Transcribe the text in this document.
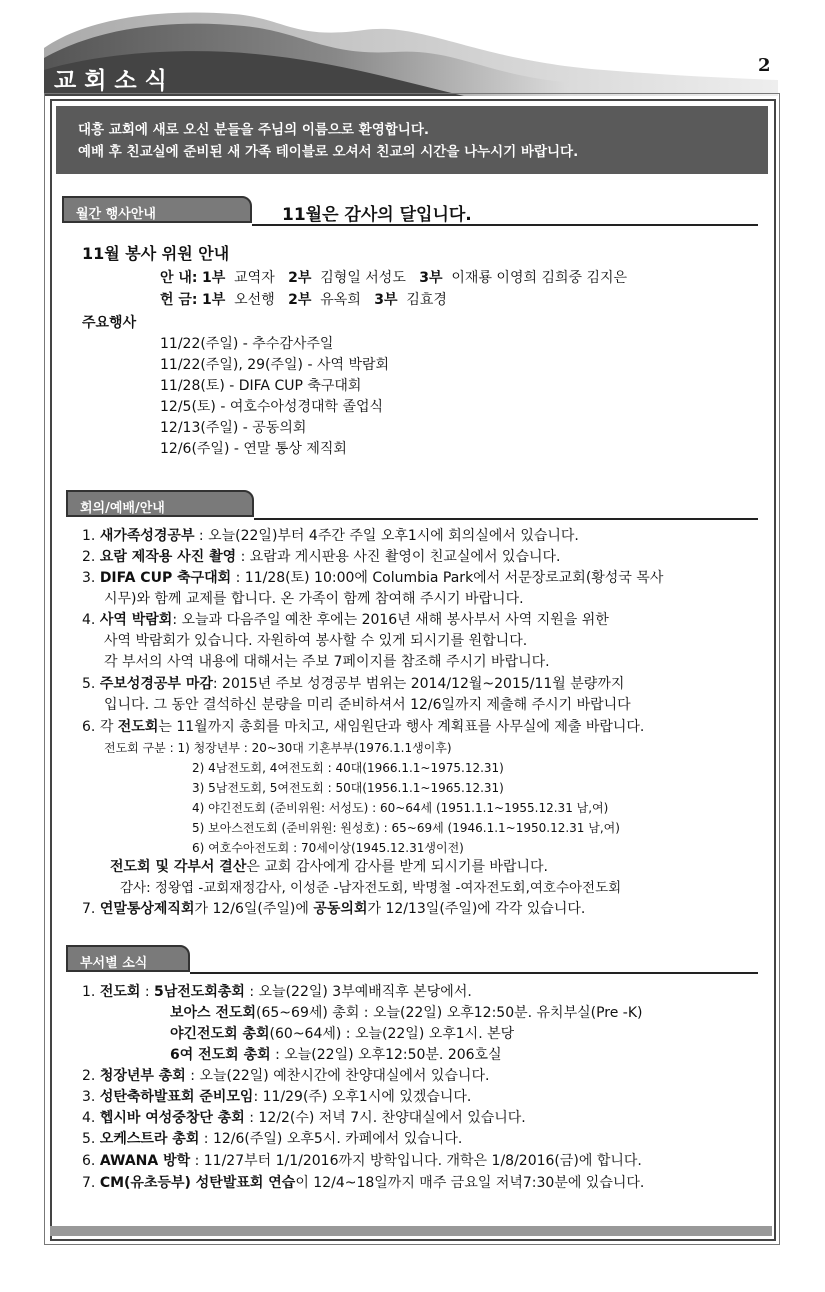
교회소식
2
대흥 교회에 새로 오신 분들을 주님의 이름으로 환영합니다.
예배 후 친교실에 준비된 새 가족 테이블로 오셔서 친교의 시간을 나누시기 바랍니다.
월간 행사안내	11월은 감사의 달입니다.
11월 봉사 위원 안내
안 내: 1부 교역자 2부 김형일 서성도 3부 이재룡 이영희 김희중 김지은
헌 금: 1부 오선행 2부 유옥희 3부 김효경
주요행사
11/22(주일) - 추수감사주일
11/22(주일), 29(주일) - 사역 박람회
11/28(토) - DIFA CUP 축구대회
12/5(토) - 여호수아성경대학 졸업식
12/13(주일) - 공동의회
12/6(주일) - 연말 통상 제직회
회의/예배/안내
1. 새가족성경공부 : 오늘(22일)부터 4주간 주일 오후1시에 회의실에서 있습니다.
2. 요람 제작용 사진 촬영 : 요람과 게시판용 사진 촬영이 친교실에서 있습니다.
3. DIFA CUP 축구대회 : 11/28(토) 10:00에 Columbia Park에서 서문장로교회(황성국 목사
시무)와 함께 교제를 합니다. 온 가족이 함께 참여해 주시기 바랍니다.
4. 사역 박람회: 오늘과 다음주일 예찬 후에는 2016년 새해 봉사부서 사역 지원을 위한
사역 박람회가 있습니다. 자원하여 봉사할 수 있게 되시기를 원합니다.
각 부서의 사역 내용에 대해서는 주보 7페이지를 참조해 주시기 바랍니다.
5. 주보성경공부 마감: 2015년 주보 성경공부 범위는 2014/12월~2015/11월 분량까지
입니다. 그 동안 결석하신 분량을 미리 준비하셔서 12/6일까지 제출해 주시기 바랍니다
6. 각 전도회는 11월까지 총회를 마치고, 새임원단과 행사 계획표를 사무실에 제출 바랍니다.
전도회 구분 : 1) 청장년부 : 20~30대 기혼부부(1976.1.1생이후)
2) 4남전도회, 4여전도회 : 40대(1966.1.1~1975.12.31)
3) 5남전도회, 5여전도회 : 50대(1956.1.1~1965.12.31)
4) 야긴전도회 (준비위원: 서성도) : 60~64세 (1951.1.1~1955.12.31 남,여)
5) 보아스전도회 (준비위원: 원성호) : 65~69세 (1946.1.1~1950.12.31 남,여)
6) 여호수아전도회 : 70세이상(1945.12.31생이전)
전도회 및 각부서 결산은 교회 감사에게 감사를 받게 되시기를 바랍니다.
감사: 정왕엽 -교회재정감사, 이성준 -남자전도회, 박명철 -여자전도회,여호수아전도회
7. 연말통상제직회가 12/6일(주일)에 공동의회가 12/13일(주일)에 각각 있습니다.
부서별 소식
1. 전도회 : 5남전도회총회 : 오늘(22일) 3부예배직후 본당에서.
보아스 전도회(65~69세) 총회 : 오늘(22일) 오후12:50분. 유치부실(Pre -K)
야긴전도회 총회(60~64세) : 오늘(22일) 오후1시. 본당
6여 전도회 총회 : 오늘(22일) 오후12:50분. 206호실
2. 청장년부 총회 : 오늘(22일) 예찬시간에 찬양대실에서 있습니다.
3. 성탄축하발표회 준비모임: 11/29(주) 오후1시에 있겠습니다.
4. 헵시바 여성중창단 총회 : 12/2(수) 저녁 7시. 찬양대실에서 있습니다.
5. 오케스트라 총회 : 12/6(주일) 오후5시. 카페에서 있습니다.
6. AWANA 방학 : 11/27부터 1/1/2016까지 방학입니다. 개학은 1/8/2016(금)에 합니다.
7. CM(유초등부) 성탄발표회 연습이 12/4~18일까지 매주 금요일 저녁7:30분에 있습니다.
